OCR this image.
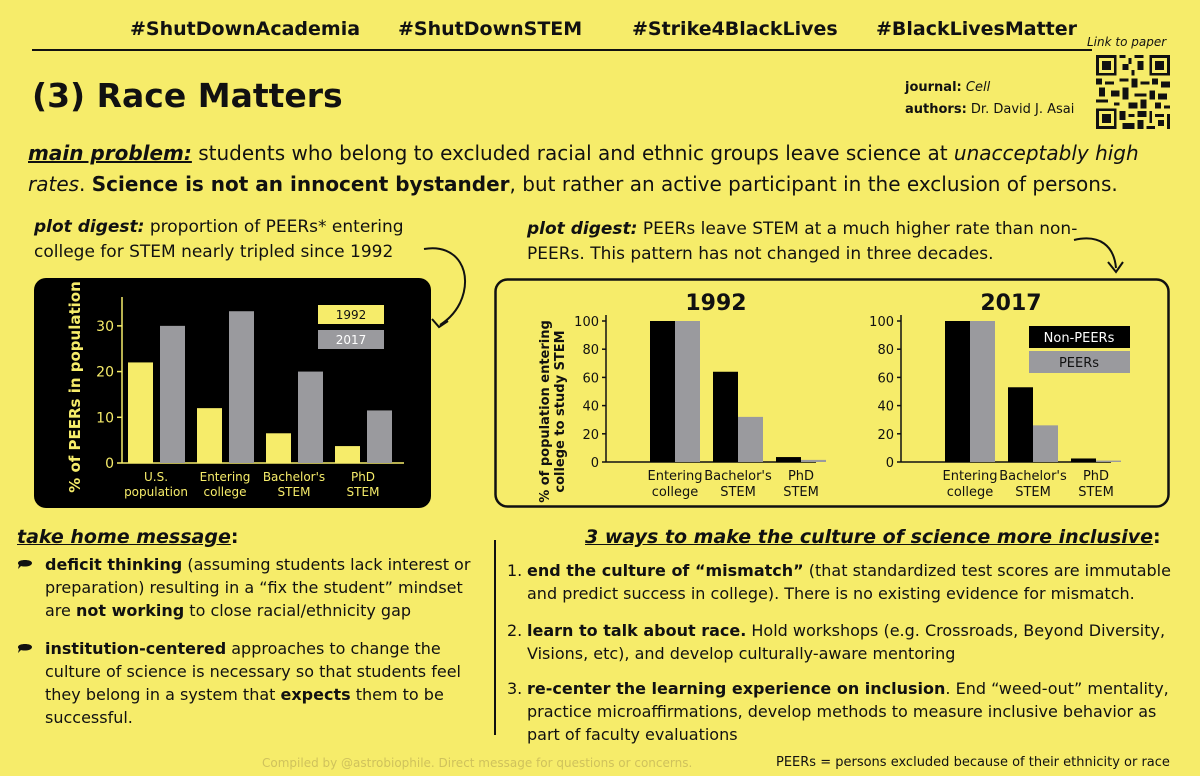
#ShutDownAcademia #ShutDownSTEM	#Strike4BlackLives #BlackLivesMatter
Link to paper
(3) Race Matters	journal: Cell
authors: Dr. David J. Asai
main problem: students who belong to excluded racial and ethnic groups leave science at unacceptably high rates. Science is not an innocent bystander, but rather an active participant in the exclusion of persons.
plot digest: proportion of PEERs* entering college for STEM nearly tripled since 1992
plot digest: PEERs leave STEM at a much higher rate than non-PEERs. This pattern has not changed in three decades.
0
10
20
30
% of PEERs in population	U.S.
population
Entering
college
Bachelor's
STEM
PhD
STEM
1992
2017
1992
0
20
40
60
80
100
Entering
college
Bachelor's
STEM
PhD
STEM
% of population entering college to study STEM
2017
0
20
40
60
80
100
Entering
college
Bachelor's
STEM
PhD
STEM
Non-PEERs
PEERs
take home message:
deficit thinking (assuming students lack interest or preparation) resulting in a “fix the student” mindset are not working to close racial/ethnicity gap
institution-centered approaches to change the culture of science is necessary so that students feel they belong in a system that expects them to be successful.
3 ways to make the culture of science more inclusive:
1. end the culture of “mismatch” (that standardized test scores are immutable and predict success in college). There is no existing evidence for mismatch.
2. learn to talk about race. Hold workshops (e.g. Crossroads, Beyond Diversity, Visions, etc), and develop culturally-aware mentoring
3. re-center the learning experience on inclusion. End “weed-out” mentality, practice microaffirmations, develop methods to measure inclusive behavior as part of faculty evaluations
Compiled by @astrobiophile. Direct message for questions or concerns.	PEERs = persons excluded because of their ethnicity or race
